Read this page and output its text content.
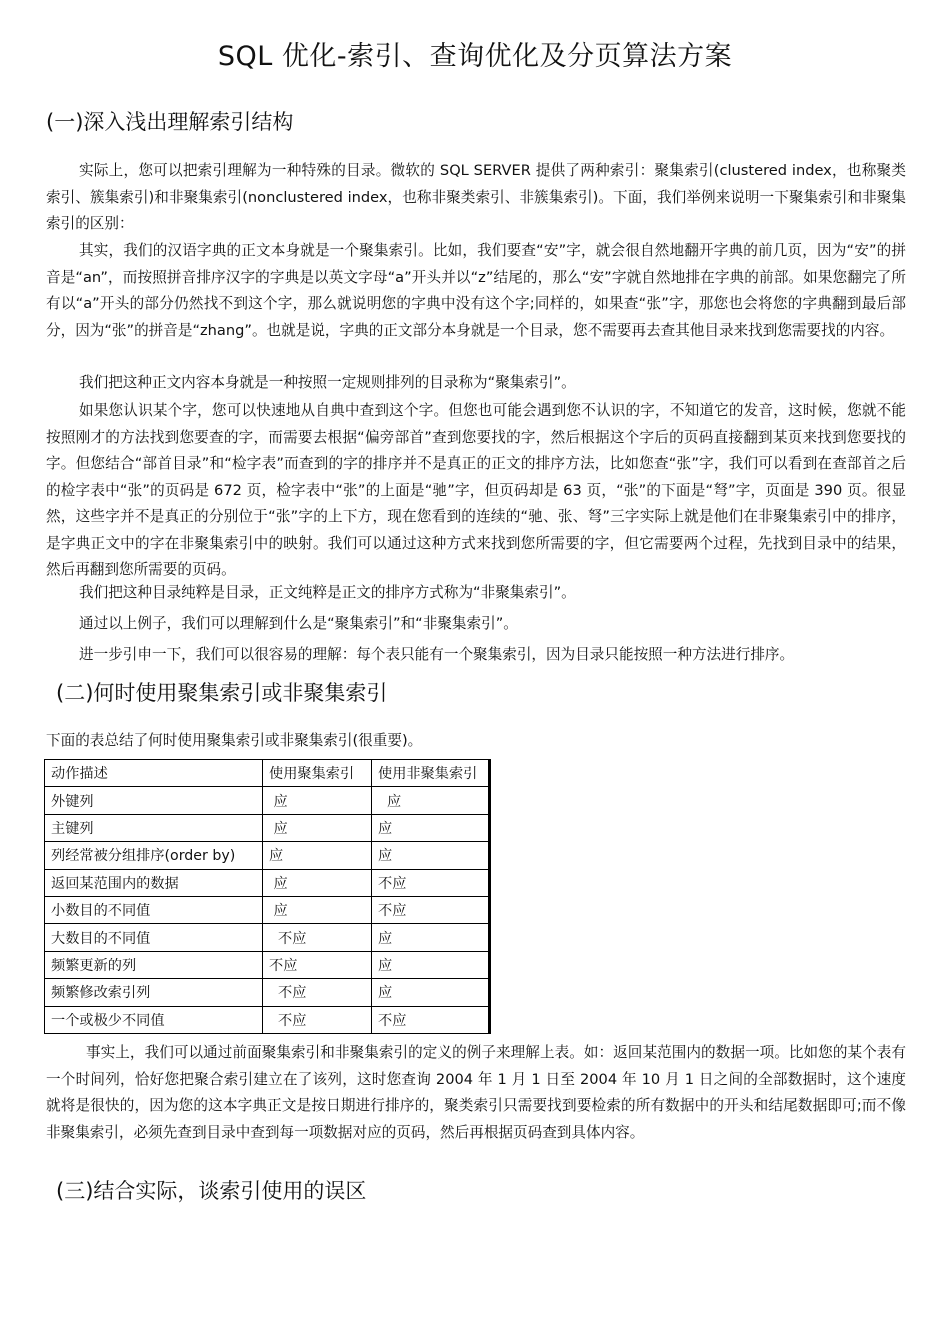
SQL 优化-索引、查询优化及分页算法方案
(一)深入浅出理解索引结构

实际上，您可以把索引理解为一种特殊的目录。微软的 SQL SERVER 提供了两种索引：聚集索引(clustered index，也称聚类索引、簇集索引)和非聚集索引(nonclustered index，也称非聚类索引、非簇集索引)。下面，我们举例来说明一下聚集索引和非聚集索引的区别：

其实，我们的汉语字典的正文本身就是一个聚集索引。比如，我们要查“安”字，就会很自然地翻开字典的前几页，因为“安”的拼音是“an”，而按照拼音排序汉字的字典是以英文字母“a”开头并以“z”结尾的，那么“安”字就自然地排在字典的前部。如果您翻完了所有以“a”开头的部分仍然找不到这个字，那么就说明您的字典中没有这个字;同样的，如果查“张”字，那您也会将您的字典翻到最后部分，因为“张”的拼音是“zhang”。也就是说，字典的正文部分本身就是一个目录，您不需要再去查其他目录来找到您需要找的内容。

我们把这种正文内容本身就是一种按照一定规则排列的目录称为“聚集索引”。

如果您认识某个字，您可以快速地从自典中查到这个字。但您也可能会遇到您不认识的字，不知道它的发音，这时候，您就不能按照刚才的方法找到您要查的字，而需要去根据“偏旁部首”查到您要找的字，然后根据这个字后的页码直接翻到某页来找到您要找的字。但您结合“部首目录”和“检字表”而查到的字的排序并不是真正的正文的排序方法，比如您查“张”字，我们可以看到在查部首之后的检字表中“张”的页码是 672 页，检字表中“张”的上面是“驰”字，但页码却是 63 页，“张”的下面是“弩”字，页面是 390 页。很显然，这些字并不是真正的分别位于“张”字的上下方，现在您看到的连续的“驰、张、弩”三字实际上就是他们在非聚集索引中的排序，是字典正文中的字在非聚集索引中的映射。我们可以通过这种方式来找到您所需要的字，但它需要两个过程，先找到目录中的结果，然后再翻到您所需要的页码。

我们把这种目录纯粹是目录，正文纯粹是正文的排序方式称为“非聚集索引”。

通过以上例子，我们可以理解到什么是“聚集索引”和“非聚集索引”。

进一步引申一下，我们可以很容易的理解：每个表只能有一个聚集索引，因为目录只能按照一种方法进行排序。

(二)何时使用聚集索引或非聚集索引

下面的表总结了何时使用聚集索引或非聚集索引(很重要)。

动作描述	使用聚集索引	使用非聚集索引
外键列	应	应
主键列	应	应
列经常被分组排序(order by)	应	应
返回某范围内的数据	应	不应
小数目的不同值	应	不应
大数目的不同值	不应	应
频繁更新的列	不应	应
频繁修改索引列	不应	应
一个或极少不同值	不应	不应

事实上，我们可以通过前面聚集索引和非聚集索引的定义的例子来理解上表。如：返回某范围内的数据一项。比如您的某个表有一个时间列，恰好您把聚合索引建立在了该列，这时您查询 2004 年 1 月 1 日至 2004 年 10 月 1 日之间的全部数据时，这个速度就将是很快的，因为您的这本字典正文是按日期进行排序的，聚类索引只需要找到要检索的所有数据中的开头和结尾数据即可;而不像非聚集索引，必须先查到目录中查到每一项数据对应的页码，然后再根据页码查到具体内容。

(三)结合实际，谈索引使用的误区
